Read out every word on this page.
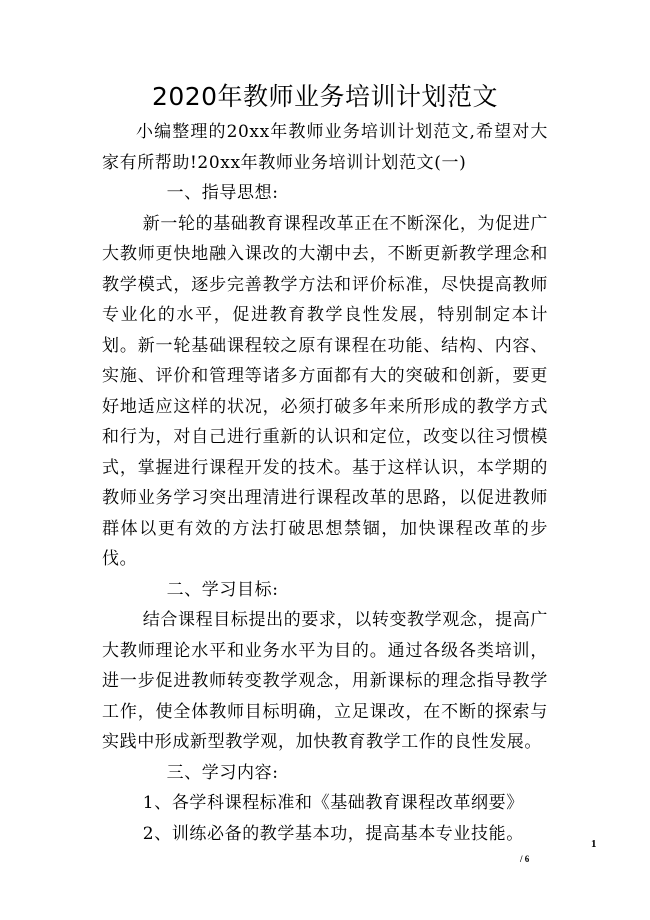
2020年教师业务培训计划范文

小编整理的20xx年教师业务培训计划范文,希望对大家有所帮助!20xx年教师业务培训计划范文(一)

一、指导思想:

新一轮的基础教育课程改革正在不断深化，为促进广大教师更快地融入课改的大潮中去，不断更新教学理念和教学模式，逐步完善教学方法和评价标准，尽快提高教师专业化的水平，促进教育教学良性发展，特别制定本计划。新一轮基础课程较之原有课程在功能、结构、内容、实施、评价和管理等诸多方面都有大的突破和创新，要更好地适应这样的状况，必须打破多年来所形成的教学方式和行为，对自己进行重新的认识和定位，改变以往习惯模式，掌握进行课程开发的技术。基于这样认识，本学期的教师业务学习突出理清进行课程改革的思路，以促进教师群体以更有效的方法打破思想禁锢，加快课程改革的步伐。

二、学习目标:

结合课程目标提出的要求，以转变教学观念，提高广大教师理论水平和业务水平为目的。通过各级各类培训，进一步促进教师转变教学观念，用新课标的理念指导教学工作，使全体教师目标明确，立足课改，在不断的探索与实践中形成新型教学观，加快教育教学工作的良性发展。

三、学习内容:

1、各学科课程标准和《基础教育课程改革纲要》

2、训练必备的教学基本功，提高基本专业技能。

1
/ 6
